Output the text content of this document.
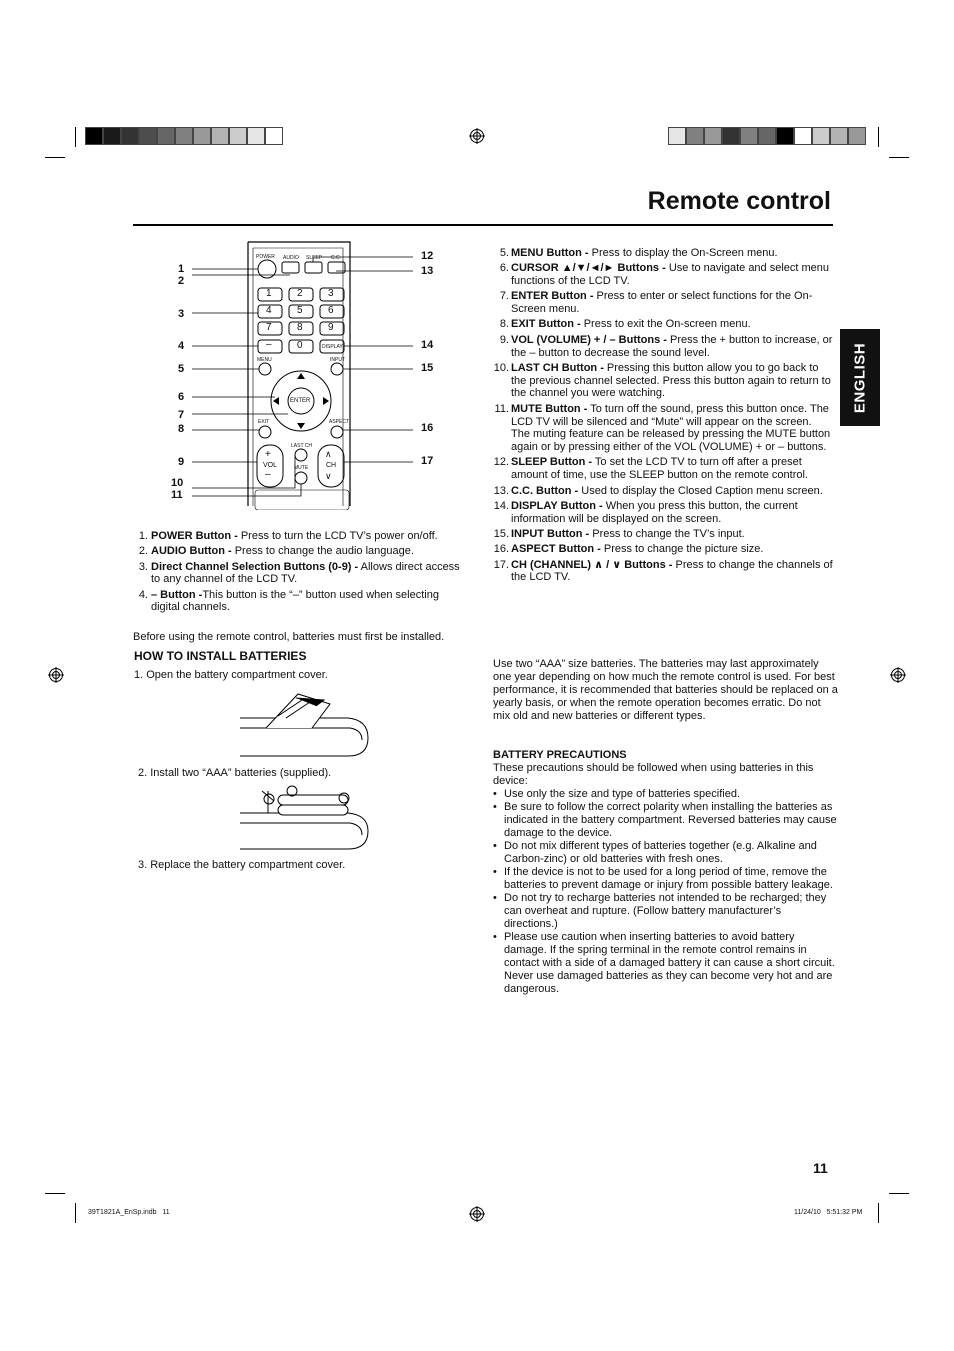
Remote control
ENGLISH
POWER AUDIO SLEEP C.C.
1	2	3
4	5	6
7	8	9
–	0	DISPLAY
MENU	INPUT
ENTER
EXIT	ASPECT
LAST CH
MUTE
+
VOL
–
∧
CH
∨
1
2
3
4
5
6
7
8
9
10
11
12
13
14
15
16
17
1. POWER Button - Press to turn the LCD TV’s power on/off.
2. AUDIO Button - Press to change the audio language.
3. Direct Channel Selection Buttons (0-9) - Allows direct access to any channel of the LCD TV.
4. – Button -This button is the “–” button used when selecting digital channels.
5. MENU Button - Press to display the On-Screen menu.
6. CURSOR ▲/▼/◄/► Buttons - Use to navigate and select menu functions of the LCD TV.
7. ENTER Button - Press to enter or select functions for the On-Screen menu.
8. EXIT Button - Press to exit the On-screen menu.
9. VOL (VOLUME) + / – Buttons - Press the + button to increase, or the – button to decrease the sound level.
10. LAST CH Button - Pressing this button allow you to go back to the previous channel selected. Press this button again to return to the channel you were watching.
11. MUTE Button - To turn off the sound, press this button once. The LCD TV will be silenced and “Mute” will appear on the screen. The muting feature can be released by pressing the MUTE button again or by pressing either of the VOL (VOLUME) + or – buttons.
12. SLEEP Button - To set the LCD TV to turn off after a preset amount of time, use the SLEEP button on the remote control.
13. C.C. Button - Used to display the Closed Caption menu screen.
14. DISPLAY Button - When you press this button, the current information will be displayed on the screen.
15. INPUT Button - Press to change the TV’s input.
16. ASPECT Button - Press to change the picture size.
17. CH (CHANNEL) ∧ / ∨ Buttons - Press to change the channels of the LCD TV.
Before using the remote control, batteries must first be installed.
HOW TO INSTALL BATTERIES
1. Open the battery compartment cover.
2. Install two “AAA” batteries (supplied).
3. Replace the battery compartment cover.
Use two “AAA” size batteries. The batteries may last approximately one year depending on how much the remote control is used. For best performance, it is recommended that batteries should be replaced on a yearly basis, or when the remote operation becomes erratic. Do not mix old and new batteries or different types.
BATTERY PRECAUTIONS
These precautions should be followed when using batteries in this device:
• Use only the size and type of batteries specified.
• Be sure to follow the correct polarity when installing the batteries as indicated in the battery compartment. Reversed batteries may cause damage to the device.
• Do not mix different types of batteries together (e.g. Alkaline and Carbon-zinc) or old batteries with fresh ones.
• If the device is not to be used for a long period of time, remove the batteries to prevent damage or injury from possible battery leakage.
• Do not try to recharge batteries not intended to be recharged; they can overheat and rupture. (Follow battery manufacturer’s directions.)
• Please use caution when inserting batteries to avoid battery damage. If the spring terminal in the remote control remains in contact with a side of a damaged battery it can cause a short circuit. Never use damaged batteries as they can become very hot and are dangerous.
11
39T1821A_EnSp.indb   11	11/24/10   5:51:32 PM
